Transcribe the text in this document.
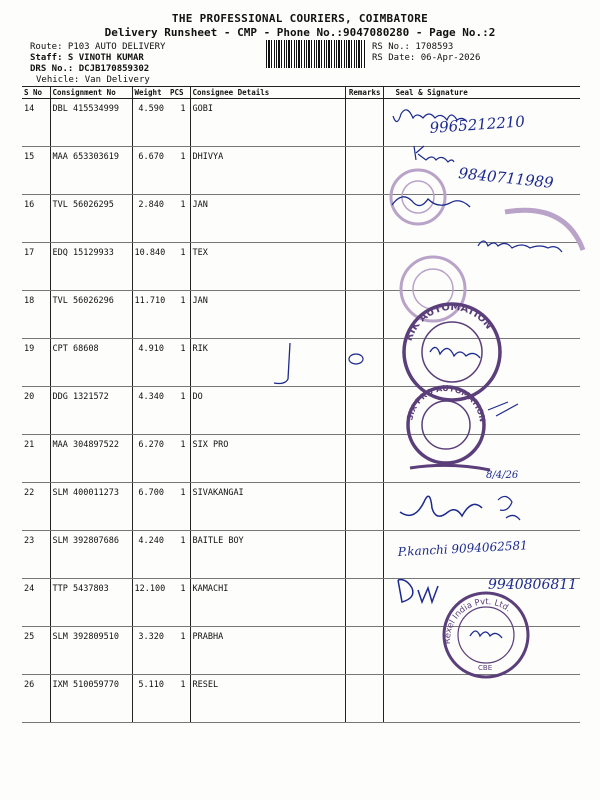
THE PROFESSIONAL COURIERS, COIMBATORE
Delivery Runsheet - CMP - Phone No.:9047080280 - Page No.:2
Route: P103 AUTO DELIVERY
Staff: S VINOTH KUMAR
DRS No.: DCJB170859302
Vehicle: Van Delivery
RS No.: 1708593
RS Date: 06-Apr-2026
S No	Consignment No	Weight	PCS	Consignee Details	Remarks	Seal & Signature
14	DBL 415534999	4.590	1	GOBI		
15	MAA 653303619	6.670	1	DHIVYA		
16	TVL 56026295	2.840	1	JAN		
17	EDQ 15129933	10.840	1	TEX		
18	TVL 56026296	11.710	1	JAN		
19	CPT 68608	4.910	1	RIK		
20	DDG 1321572	4.340	1	DO		
21	MAA 304897522	6.270	1	SIX PRO		
22	SLM 400011273	6.700	1	SIVAKANGAI		
23	SLM 392807686	4.240	1	BAITLE BOY		
24	TTP 5437803	12.100	1	KAMACHI		
25	SLM 392809510	3.320	1	PRABHA		
26	IXM 510059770	5.110	1	RESEL		
9965212210
9840711989
RIK AUTOMATION
SIX PRO AUTOMATION
8/4/26
P.kanchi 9094062581
9940806811
Rexel India Pvt. Ltd.
CBE
